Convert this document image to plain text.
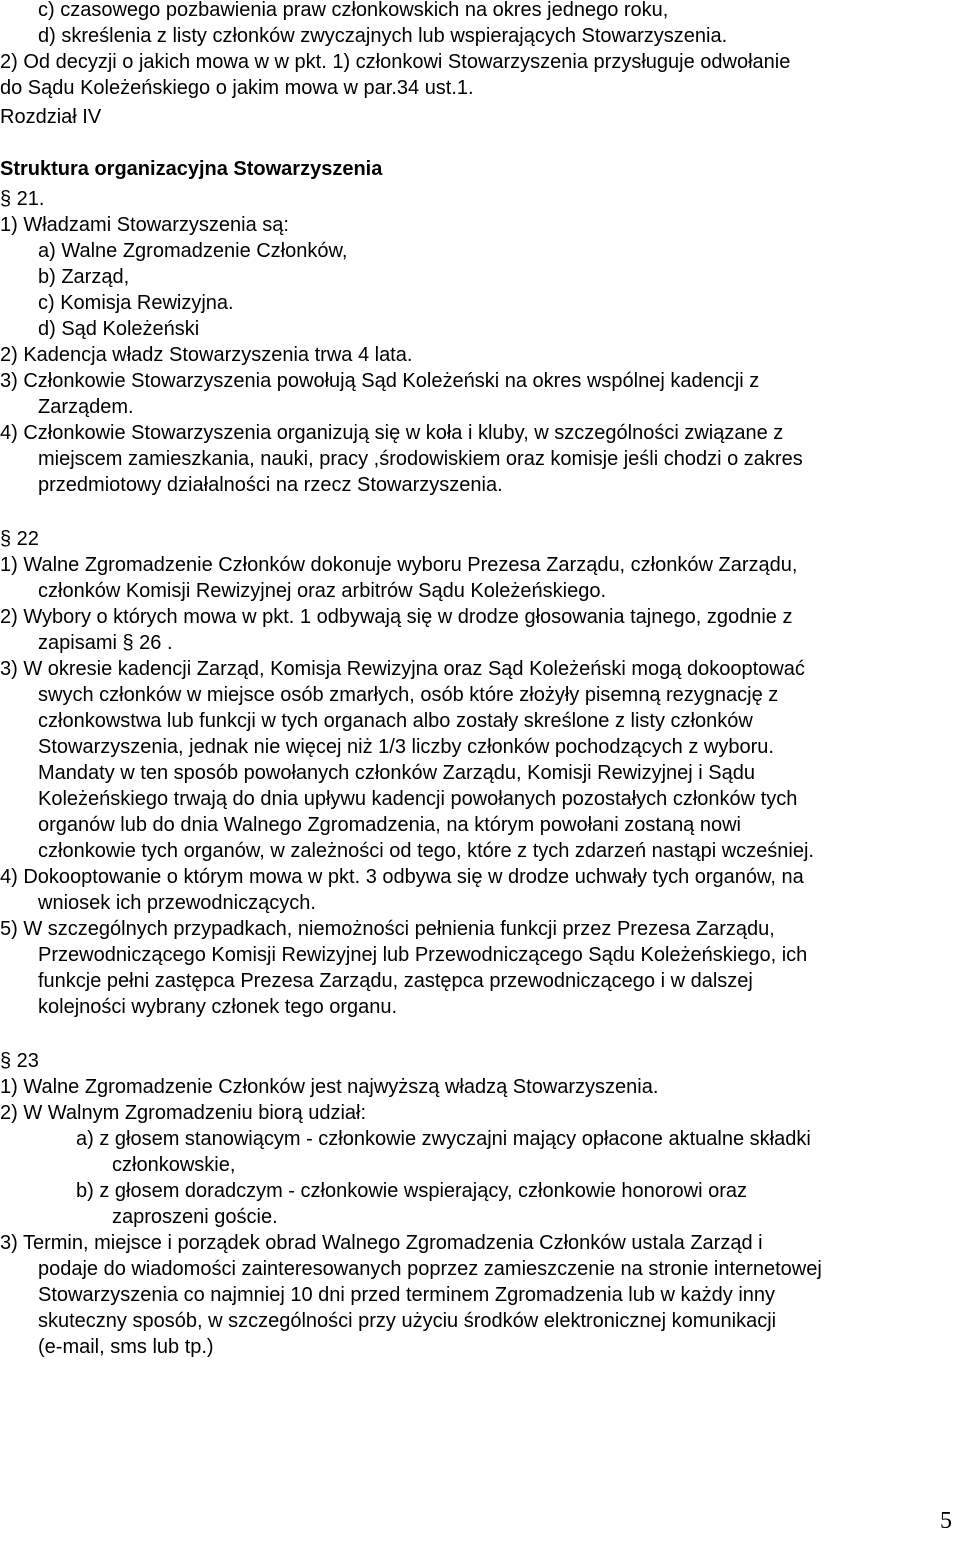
c) czasowego pozbawienia praw członkowskich na okres jednego roku,
d) skreślenia z listy członków zwyczajnych lub wspierających Stowarzyszenia.
2) Od decyzji o jakich mowa w w pkt. 1) członkowi Stowarzyszenia przysługuje odwołanie
do Sądu Koleżeńskiego o jakim mowa w par.34 ust.1.
Rozdział IV
Struktura organizacyjna Stowarzyszenia
§ 21.
1) Władzami Stowarzyszenia są:
a) Walne Zgromadzenie Członków,
b) Zarząd,
c) Komisja Rewizyjna.
d) Sąd Koleżeński
2) Kadencja władz Stowarzyszenia trwa 4 lata.
3) Członkowie Stowarzyszenia powołują Sąd Koleżeński na okres wspólnej kadencji z
Zarządem.
4) Członkowie Stowarzyszenia organizują się w koła i kluby, w szczególności związane z
miejscem zamieszkania, nauki, pracy ,środowiskiem oraz komisje jeśli chodzi o zakres
przedmiotowy działalności na rzecz Stowarzyszenia.
§ 22
1) Walne Zgromadzenie Członków dokonuje wyboru Prezesa Zarządu, członków Zarządu,
członków Komisji Rewizyjnej oraz arbitrów Sądu Koleżeńskiego.
2) Wybory o których mowa w pkt. 1 odbywają się w drodze głosowania tajnego, zgodnie z
zapisami § 26 .
3) W okresie kadencji Zarząd, Komisja Rewizyjna oraz Sąd Koleżeński mogą dokooptować
swych członków w miejsce osób zmarłych, osób które złożyły pisemną rezygnację z
członkowstwa lub funkcji w tych organach albo zostały skreślone z listy członków
Stowarzyszenia, jednak nie więcej niż 1/3 liczby członków pochodzących z wyboru.
Mandaty w ten sposób powołanych członków Zarządu, Komisji Rewizyjnej i Sądu
Koleżeńskiego trwają do dnia upływu kadencji powołanych pozostałych członków tych
organów lub do dnia Walnego Zgromadzenia, na którym powołani zostaną nowi
członkowie tych organów, w zależności od tego, które z tych zdarzeń nastąpi wcześniej.
4) Dokooptowanie o którym mowa w pkt. 3 odbywa się w drodze uchwały tych organów, na
wniosek ich przewodniczących.
5) W szczególnych przypadkach, niemożności pełnienia funkcji przez Prezesa Zarządu,
Przewodniczącego Komisji Rewizyjnej lub Przewodniczącego Sądu Koleżeńskiego, ich
funkcje pełni zastępca Prezesa Zarządu, zastępca przewodniczącego i w dalszej
kolejności wybrany członek tego organu.
§ 23
1) Walne Zgromadzenie Członków jest najwyższą władzą Stowarzyszenia.
2) W Walnym Zgromadzeniu biorą udział:
a) z głosem stanowiącym - członkowie zwyczajni mający opłacone aktualne składki
członkowskie,
b) z głosem doradczym - członkowie wspierający, członkowie honorowi oraz
zaproszeni goście.
3) Termin, miejsce i porządek obrad Walnego Zgromadzenia Członków ustala Zarząd i
podaje do wiadomości zainteresowanych poprzez zamieszczenie na stronie internetowej
Stowarzyszenia co najmniej 10 dni przed terminem Zgromadzenia lub w każdy inny
skuteczny sposób, w szczególności przy użyciu środków elektronicznej komunikacji
(e-mail, sms lub tp.)
5
